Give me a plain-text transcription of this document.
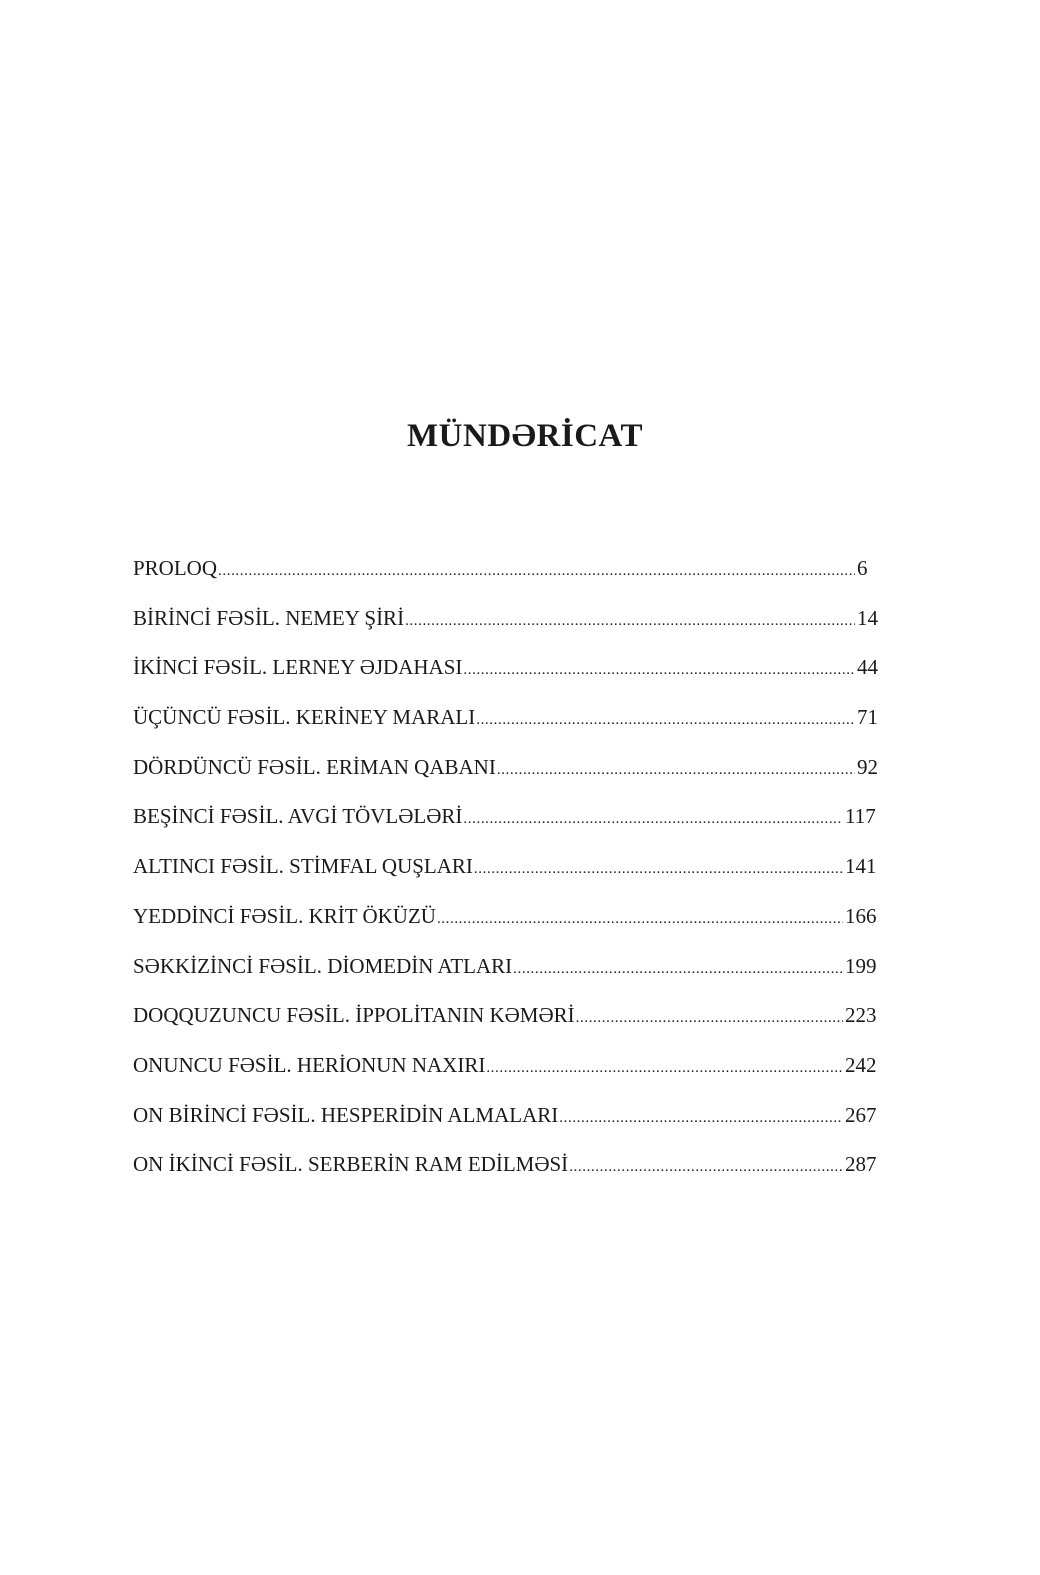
MÜNDƏRİCAT
PROLOQ .....	6
BİRİNCİ FƏSİL. NEMEY ŞİRİ .....	14
İKİNCİ FƏSİL. LERNEY ƏJDAHASI .....	44
ÜÇÜNCÜ FƏSİL. KERİNEY MARALI .....	71
DÖRDÜNCÜ FƏSİL. ERİMAN QABANI .....	92
BEŞİNCİ FƏSİL. AVGİ TÖVLƏLƏRİ .....	117
ALTINCI FƏSİL. STİMFAL QUŞLARI .....	141
YEDDİNCİ FƏSİL. KRİT ÖKÜZÜ .....	166
SƏKKİZİNCİ FƏSİL. DİOMEDİN ATLARI .....	199
DOQQUZUNCU FƏSİL. İPPOLİTANIN KƏMƏRİ .....	223
ONUNCU FƏSİL. HERİONUN NAXIRI .....	242
ON BİRİNCİ FƏSİL. HESPERİDİN ALMALARI .....	267
ON İKİNCİ FƏSİL. SERBERİN RAM EDİLMƏSİ .....	287
